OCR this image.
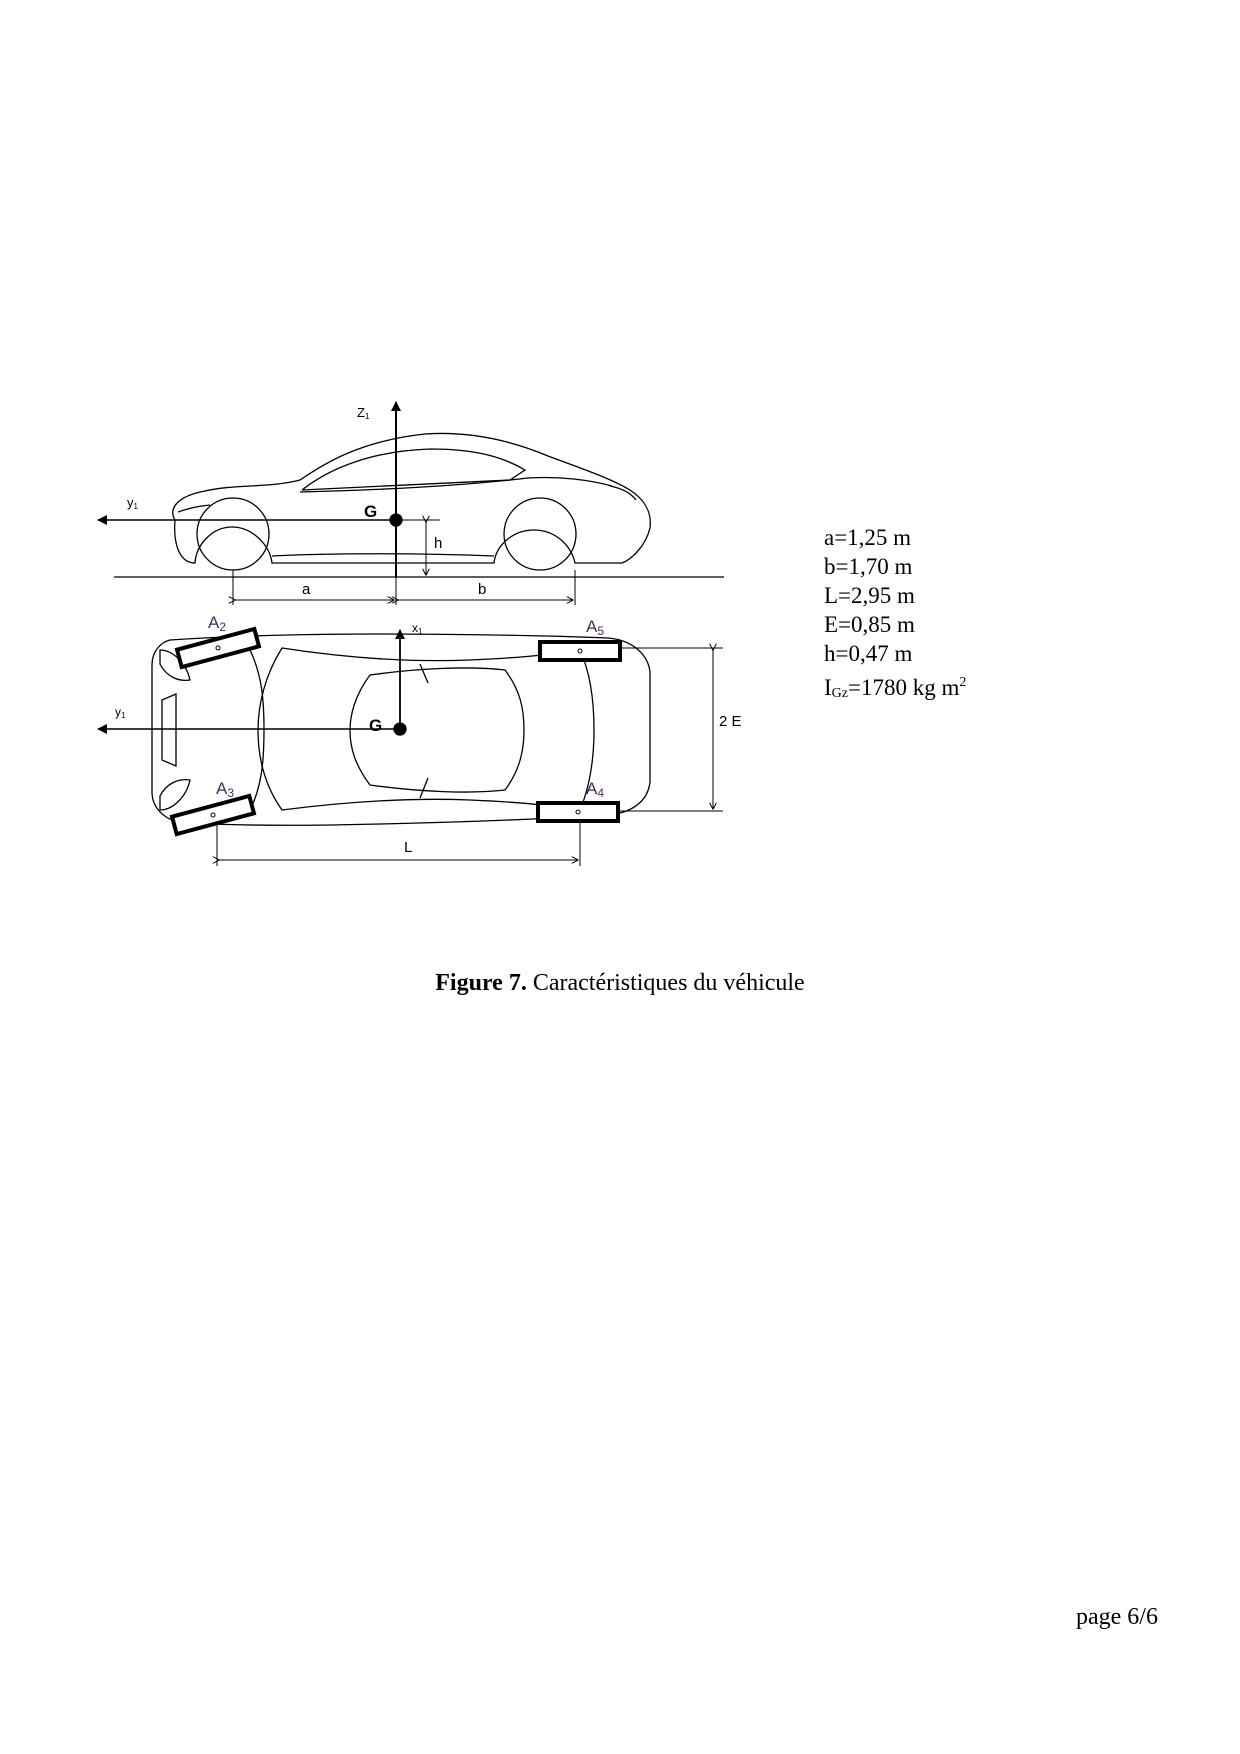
Z1
y1	G
h
a	b
x1
y1
G	2 E
L
A2
A3	A4
A5
a=1,25 m
b=1,70 m
L=2,95 m
E=0,85 m
h=0,47 m
$I_{Gz}=1780$ kg $m^2$
Figure 7. Caractéristiques du véhicule
page 6/6
